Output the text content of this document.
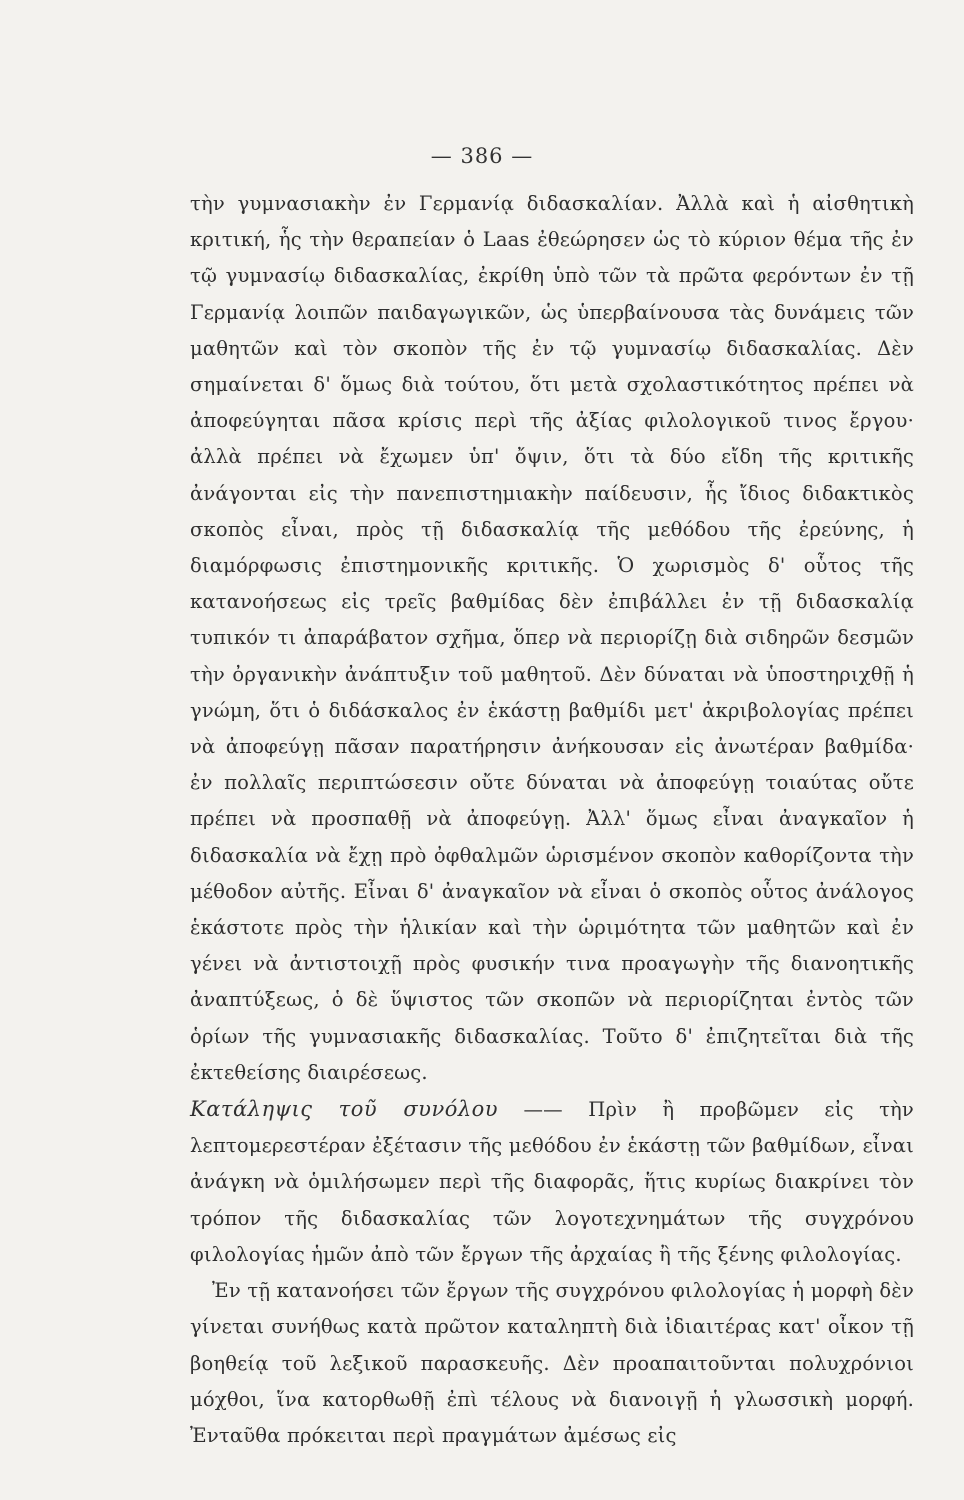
— 386 —

τὴν γυμνασιακὴν ἐν Γερμανίᾳ διδασκαλίαν. Ἀλλὰ καὶ ἡ αἰσθητικὴ κριτική, ἧς τὴν θεραπείαν ὁ Laas ἐθεώρησεν ὡς τὸ κύριον θέμα τῆς ἐν τῷ γυμνασίῳ διδασκαλίας, ἐκρίθη ὑπὸ τῶν τὰ πρῶτα φερόντων ἐν τῇ Γερμανίᾳ λοιπῶν παιδαγωγικῶν, ὡς ὑπερβαίνουσα τὰς δυνάμεις τῶν μαθητῶν καὶ τὸν σκοπὸν τῆς ἐν τῷ γυμνασίῳ διδασκαλίας. Δὲν σημαίνεται δ' ὅμως διὰ τούτου, ὅτι μετὰ σχολαστικότητος πρέπει νὰ ἀποφεύγηται πᾶσα κρίσις περὶ τῆς ἀξίας φιλολογικοῦ τινος ἔργου· ἀλλὰ πρέπει νὰ ἔχωμεν ὑπ' ὄψιν, ὅτι τὰ δύο εἴδη τῆς κριτικῆς ἀνάγονται εἰς τὴν πανεπιστημιακὴν παίδευσιν, ἧς ἴδιος διδακτικὸς σκοπὸς εἶναι, πρὸς τῇ διδασκαλίᾳ τῆς μεθόδου τῆς ἐρεύνης, ἡ διαμόρφωσις ἐπιστημονικῆς κριτικῆς. Ὁ χωρισμὸς δ' οὗτος τῆς κατανοήσεως εἰς τρεῖς βαθμίδας δὲν ἐπιβάλλει ἐν τῇ διδασκαλίᾳ τυπικόν τι ἀπαράβατον σχῆμα, ὅπερ νὰ περιορίζῃ διὰ σιδηρῶν δεσμῶν τὴν ὀργανικὴν ἀνάπτυξιν τοῦ μαθητοῦ. Δὲν δύναται νὰ ὑποστηριχθῇ ἡ γνώμη, ὅτι ὁ διδάσκαλος ἐν ἑκάστῃ βαθμίδι μετ' ἀκριβολογίας πρέπει νὰ ἀποφεύγῃ πᾶσαν παρατήρησιν ἀνήκουσαν εἰς ἀνωτέραν βαθμίδα· ἐν πολλαῖς περιπτώσεσιν οὔτε δύναται νὰ ἀποφεύγῃ τοιαύτας οὔτε πρέπει νὰ προσπαθῇ νὰ ἀποφεύγῃ. Ἀλλ' ὅμως εἶναι ἀναγκαῖον ἡ διδασκαλία νὰ ἔχῃ πρὸ ὀφθαλμῶν ὡρισμένον σκοπὸν καθορίζοντα τὴν μέθοδον αὐτῆς. Εἶναι δ' ἀναγκαῖον νὰ εἶναι ὁ σκοπὸς οὗτος ἀνάλογος ἑκάστοτε πρὸς τὴν ἡλικίαν καὶ τὴν ὡριμότητα τῶν μαθητῶν καὶ ἐν γένει νὰ ἀντιστοιχῇ πρὸς φυσικήν τινα προαγωγὴν τῆς διανοητικῆς ἀναπτύξεως, ὁ δὲ ὕψιστος τῶν σκοπῶν νὰ περιορίζηται ἐντὸς τῶν ὁρίων τῆς γυμνασιακῆς διδασκαλίας. Τοῦτο δ' ἐπιζητεῖται διὰ τῆς ἐκτεθείσης διαιρέσεως.

Κατάληψις τοῦ συνόλου —— Πρὶν ἢ προβῶμεν εἰς τὴν λεπτομερεστέραν ἐξέτασιν τῆς μεθόδου ἐν ἑκάστῃ τῶν βαθμίδων, εἶναι ἀνάγκη νὰ ὁμιλήσωμεν περὶ τῆς διαφορᾶς, ἥτις κυρίως διακρίνει τὸν τρόπον τῆς διδασκαλίας τῶν λογοτεχνημάτων τῆς συγχρόνου φιλολογίας ἡμῶν ἀπὸ τῶν ἔργων τῆς ἀρχαίας ἢ τῆς ξένης φιλολογίας.

Ἐν τῇ κατανοήσει τῶν ἔργων τῆς συγχρόνου φιλολογίας ἡ μορφὴ δὲν γίνεται συνήθως κατὰ πρῶτον καταληπτὴ διὰ ἰδιαιτέρας κατ' οἶκον τῇ βοηθείᾳ τοῦ λεξικοῦ παρασκευῆς. Δὲν προαπαιτοῦνται πολυχρόνιοι μόχθοι, ἵνα κατορθωθῇ ἐπὶ τέλους νὰ διανοιγῇ ἡ γλωσσικὴ μορφή. Ἐνταῦθα πρόκειται περὶ πραγμάτων ἀμέσως εἰς
